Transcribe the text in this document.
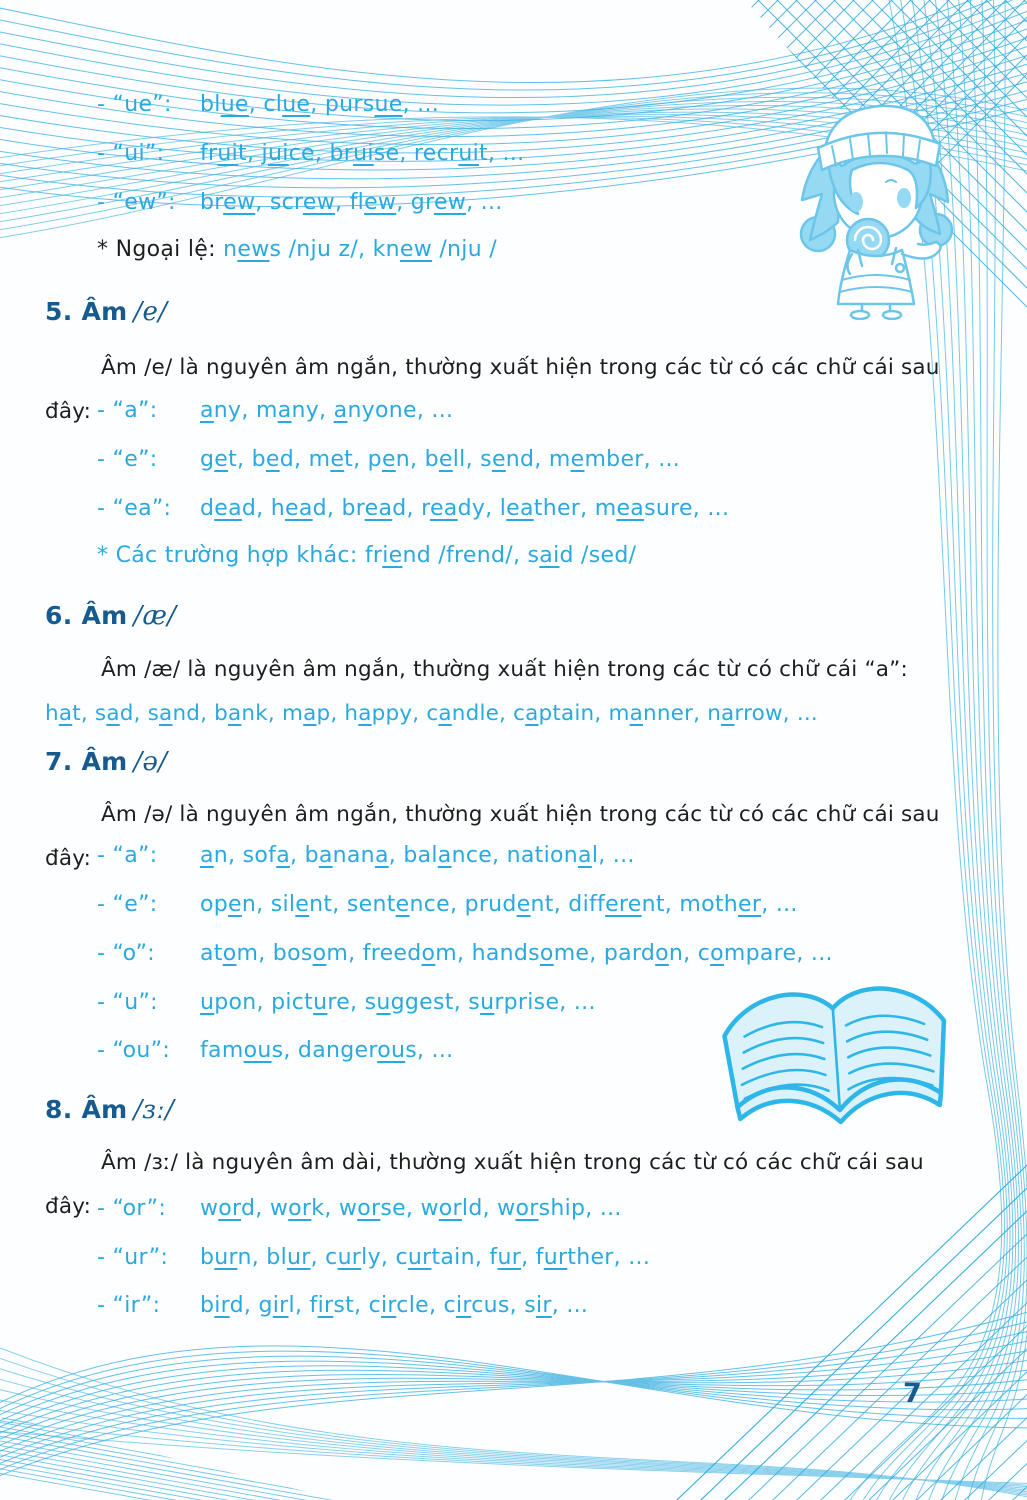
- “ue”:	blue, clue, pursue, ...
- “ui”:	fruit, juice, bruise, recruit, ...
- “ew”:	brew, screw, flew, grew, ...
* Ngoại lệ: news /nju z/, knew /nju /
5. Âm /e/
Âm /e/ là nguyên âm ngắn, thường xuất hiện trong các từ có các chữ cái sau đây: - “a”:	any, many, anyone, ...
- “e”:	get, bed, met, pen, bell, send, member, ...
- “ea”:	dead, head, bread, ready, leather, measure, ...
* Các trường hợp khác: friend /frend/, said /sed/
6. Âm /æ/
Âm /æ/ là nguyên âm ngắn, thường xuất hiện trong các từ có chữ cái “a”: hat, sad, sand, bank, map, happy, candle, captain, manner, narrow, ...
7. Âm /ə/
Âm /ə/ là nguyên âm ngắn, thường xuất hiện trong các từ có các chữ cái sau đây: - “a”:	an, sofa, banana, balance, national, ...
- “e”:	open, silent, sentence, prudent, different, mother, ...
- “o”:	atom, bosom, freedom, handsome, pardon, compare, ...
- “u”:	upon, picture, suggest, surprise, ...
- “ou”:	famous, dangerous, ...
8. Âm /ɜː/
Âm /ɜː/ là nguyên âm dài, thường xuất hiện trong các từ có các chữ cái sau đây: - “or”:	word, work, worse, world, worship, ...
- “ur”:	burn, blur, curly, curtain, fur, further, ...
- “ir”:	bird, girl, first, circle, circus, sir, ...
7
